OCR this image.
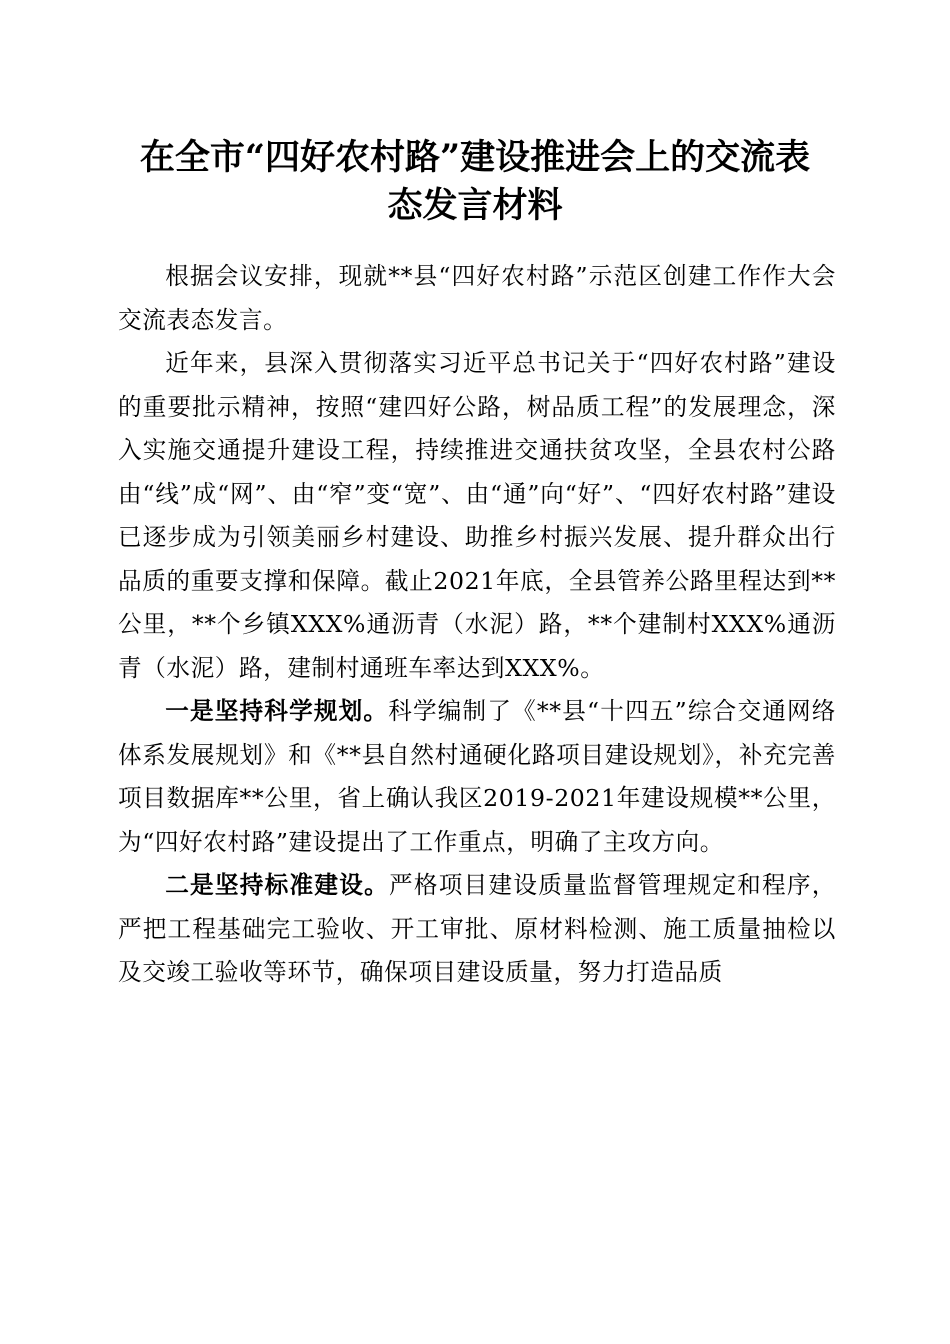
在全市“四好农村路”建设推进会上的交流表
态发言材料

根据会议安排，现就**县“四好农村路”示范区创建工作作大会交流表态发言。

近年来，县深入贯彻落实习近平总书记关于“四好农村路”建设的重要批示精神，按照“建四好公路，树品质工程”的发展理念，深入实施交通提升建设工程，持续推进交通扶贫攻坚，全县农村公路由“线”成“网”、由“窄”变“宽”、由“通”向“好”、“四好农村路”建设已逐步成为引领美丽乡村建设、助推乡村振兴发展、提升群众出行品质的重要支撑和保障。截止2021年底，全县管养公路里程达到**公里，**个乡镇XXX%通沥青（水泥）路，**个建制村XXX%通沥青（水泥）路，建制村通班车率达到XXX%。

一是坚持科学规划。科学编制了《**县“十四五”综合交通网络体系发展规划》和《**县自然村通硬化路项目建设规划》，补充完善项目数据库**公里，省上确认我区2019-2021年建设规模**公里，为“四好农村路”建设提出了工作重点，明确了主攻方向。

二是坚持标准建设。严格项目建设质量监督管理规定和程序，严把工程基础完工验收、开工审批、原材料检测、施工质量抽检以及交竣工验收等环节，确保项目建设质量，努力打造品质
